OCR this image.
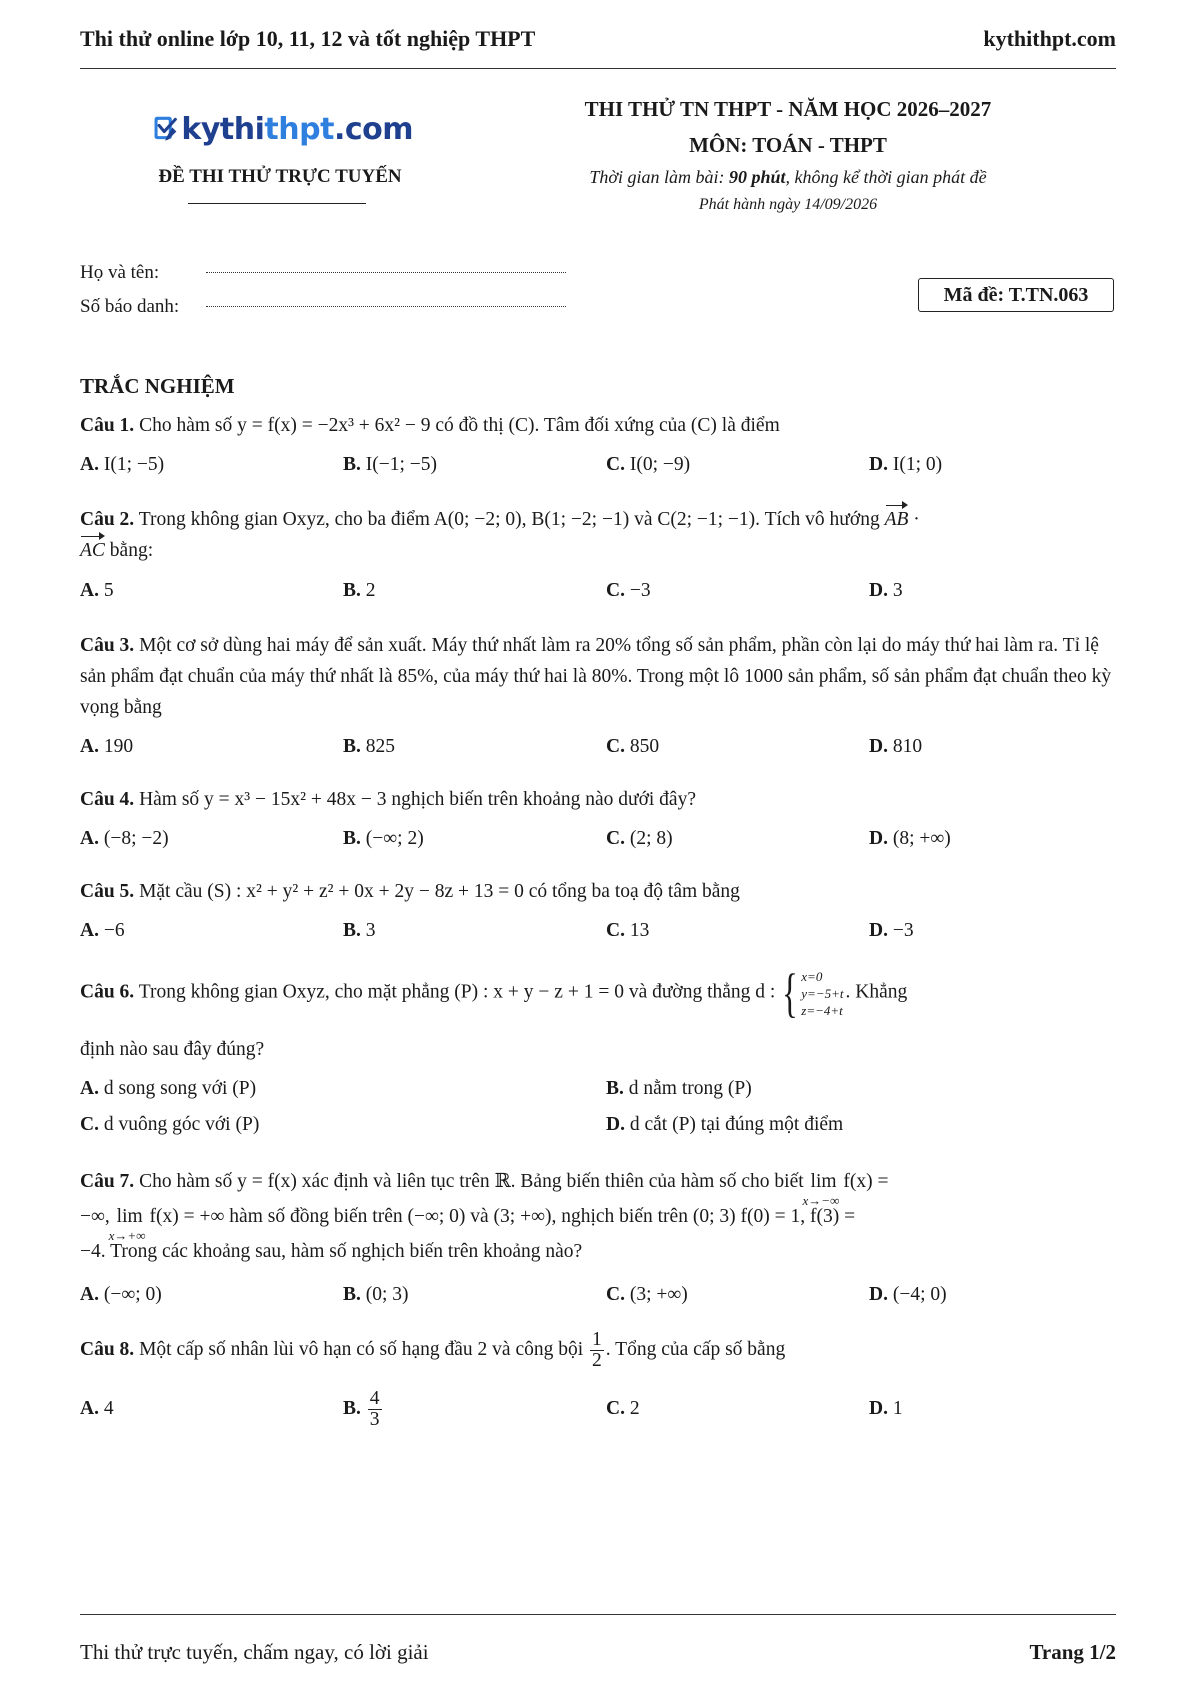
Thi thử online lớp 10, 11, 12 và tốt nghiệp THPT	kythithpt.com
kythithpt.com
ĐỀ THI THỬ TRỰC TUYẾN
THI THỬ TN THPT - NĂM HỌC 2026–2027
MÔN: TOÁN - THPT
Thời gian làm bài: 90 phút, không kể thời gian phát đề
Phát hành ngày 14/09/2026
Họ và tên:
Số báo danh:
Mã đề: T.TN.063
TRẮC NGHIỆM
Câu 1. Cho hàm số y = f(x) = −2x³ + 6x² − 9 có đồ thị (C). Tâm đối xứng của (C) là điểm
A. I(1; −5)	B. I(−1; −5)	C. I(0; −9)	D. I(1; 0)
Câu 2. Trong không gian Oxyz, cho ba điểm A(0; −2; 0), B(1; −2; −1) và C(2; −1; −1). Tích vô hướng AB ·
AC bằng:
A. 5	B. 2	C. −3	D. 3
Câu 3. Một cơ sở dùng hai máy để sản xuất. Máy thứ nhất làm ra 20% tổng số sản phẩm, phần còn lại do máy thứ hai làm ra. Tỉ lệ sản phẩm đạt chuẩn của máy thứ nhất là 85%, của máy thứ hai là 80%. Trong một lô 1000 sản phẩm, số sản phẩm đạt chuẩn theo kỳ vọng bằng
A. 190	B. 825	C. 850	D. 810
Câu 4. Hàm số y = x³ − 15x² + 48x − 3 nghịch biến trên khoảng nào dưới đây?
A. (−8; −2)	B. (−∞; 2)	C. (2; 8)	D. (8; +∞)
Câu 5. Mặt cầu (S) : x² + y² + z² + 0x + 2y − 8z + 13 = 0 có tổng ba toạ độ tâm bằng
A. −6	B. 3	C. 13	D. −3
Câu 6. Trong không gian Oxyz, cho mặt phẳng (P) : x + y − z + 1 = 0 và đường thẳng d : { x=0
y=−5+t
z=−4+t
. Khẳng
định nào sau đây đúng?
A. d song song với (P)	B. d nằm trong (P)
C. d vuông góc với (P)	D. d cắt (P) tại đúng một điểm
Câu 7. Cho hàm số y = f(x) xác định và liên tục trên ℝ. Bảng biến thiên của hàm số cho biết lim
x→−∞
f(x) =
−∞, lim
x→+∞
f(x) = +∞ hàm số đồng biến trên (−∞; 0) và (3; +∞), nghịch biến trên (0; 3) f(0) = 1, f(3) =
−4. Trong các khoảng sau, hàm số nghịch biến trên khoảng nào?
A. (−∞; 0)	B. (0; 3)	C. (3; +∞)	D. (−4; 0)
Câu 8. Một cấp số nhân lùi vô hạn có số hạng đầu 2 và công bội $\frac{1}{2}$ . Tổng của cấp số bằng
A. 4	B. $\frac{4}{3}$	C. 2	D. 1
Thi thử trực tuyến, chấm ngay, có lời giải	Trang 1/2
